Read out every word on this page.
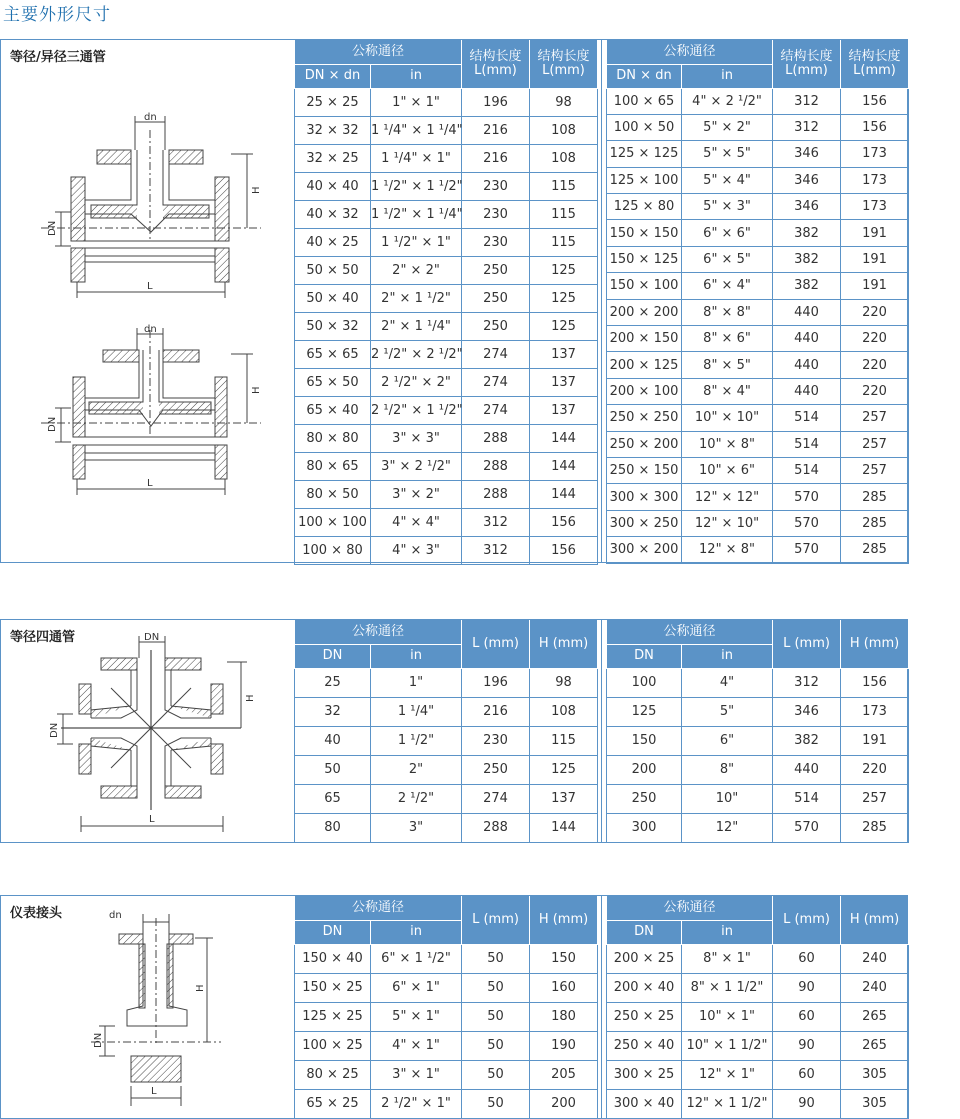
主要外形尺寸
等径/异径三通管
dn
L
H
DN
dn
L
H
DN
公称通径		结构长度 L(mm)	结构长度 L(mm)
DN × dn	in		
25 × 25	1" × 1"	196	98
32 × 32	1 ¹/4" × 1 ¹/4"	216	108
32 × 25	1 ¹/4" × 1"	216	108
40 × 40	1 ¹/2" × 1 ¹/2"	230	115
40 × 32	1 ¹/2" × 1 ¹/4"	230	115
40 × 25	1 ¹/2" × 1"	230	115
50 × 50	2" × 2"	250	125
50 × 40	2" × 1 ¹/2"	250	125
50 × 32	2" × 1 ¹/4"	250	125
65 × 65	2 ¹/2" × 2 ¹/2"	274	137
65 × 50	2 ¹/2" × 2"	274	137
65 × 40	2 ¹/2" × 1 ¹/2"	274	137
80 × 80	3" × 3"	288	144
80 × 65	3" × 2 ¹/2"	288	144
80 × 50	3" × 2"	288	144
100 × 100	4" × 4"	312	156
100 × 80	4" × 3"	312	156
公称通径		结构长度 L(mm)	结构长度 L(mm)
DN × dn	in		
100 × 65	4" × 2 ¹/2"	312	156
100 × 50	5" × 2"	312	156
125 × 125	5" × 5"	346	173
125 × 100	5" × 4"	346	173
125 × 80	5" × 3"	346	173
150 × 150	6" × 6"	382	191
150 × 125	6" × 5"	382	191
150 × 100	6" × 4"	382	191
200 × 200	8" × 8"	440	220
200 × 150	8" × 6"	440	220
200 × 125	8" × 5"	440	220
200 × 100	8" × 4"	440	220
250 × 250	10" × 10"	514	257
250 × 200	10" × 8"	514	257
250 × 150	10" × 6"	514	257
300 × 300	12" × 12"	570	285
300 × 250	12" × 10"	570	285
300 × 200	12" × 8"	570	285
等径四通管	DN
L
H
DN
公称通径		L (mm)	H (mm)
DN	in		
25	1"	196	98
32	1 ¹/4"	216	108
40	1 ¹/2"	230	115
50	2"	250	125
65	2 ¹/2"	274	137
80	3"	288	144
公称通径		L (mm)	H (mm)
DN	in		
100	4"	312	156
125	5"	346	173
150	6"	382	191
200	8"	440	220
250	10"	514	257
300	12"	570	285
仪表接头	dn
L
H
DN
公称通径		L (mm)	H (mm)
DN	in		
150 × 40	6" × 1 ¹/2"	50	150
150 × 25	6" × 1"	50	160
125 × 25	5" × 1"	50	180
100 × 25	4" × 1"	50	190
80 × 25	3" × 1"	50	205
65 × 25	2 ¹/2" × 1"	50	200
公称通径		L (mm)	H (mm)
DN	in		
200 × 25	8" × 1"	60	240
200 × 40	8" × 1 1/2"	90	240
250 × 25	10" × 1"	60	265
250 × 40	10" × 1 1/2"	90	265
300 × 25	12" × 1"	60	305
300 × 40	12" × 1 1/2"	90	305
